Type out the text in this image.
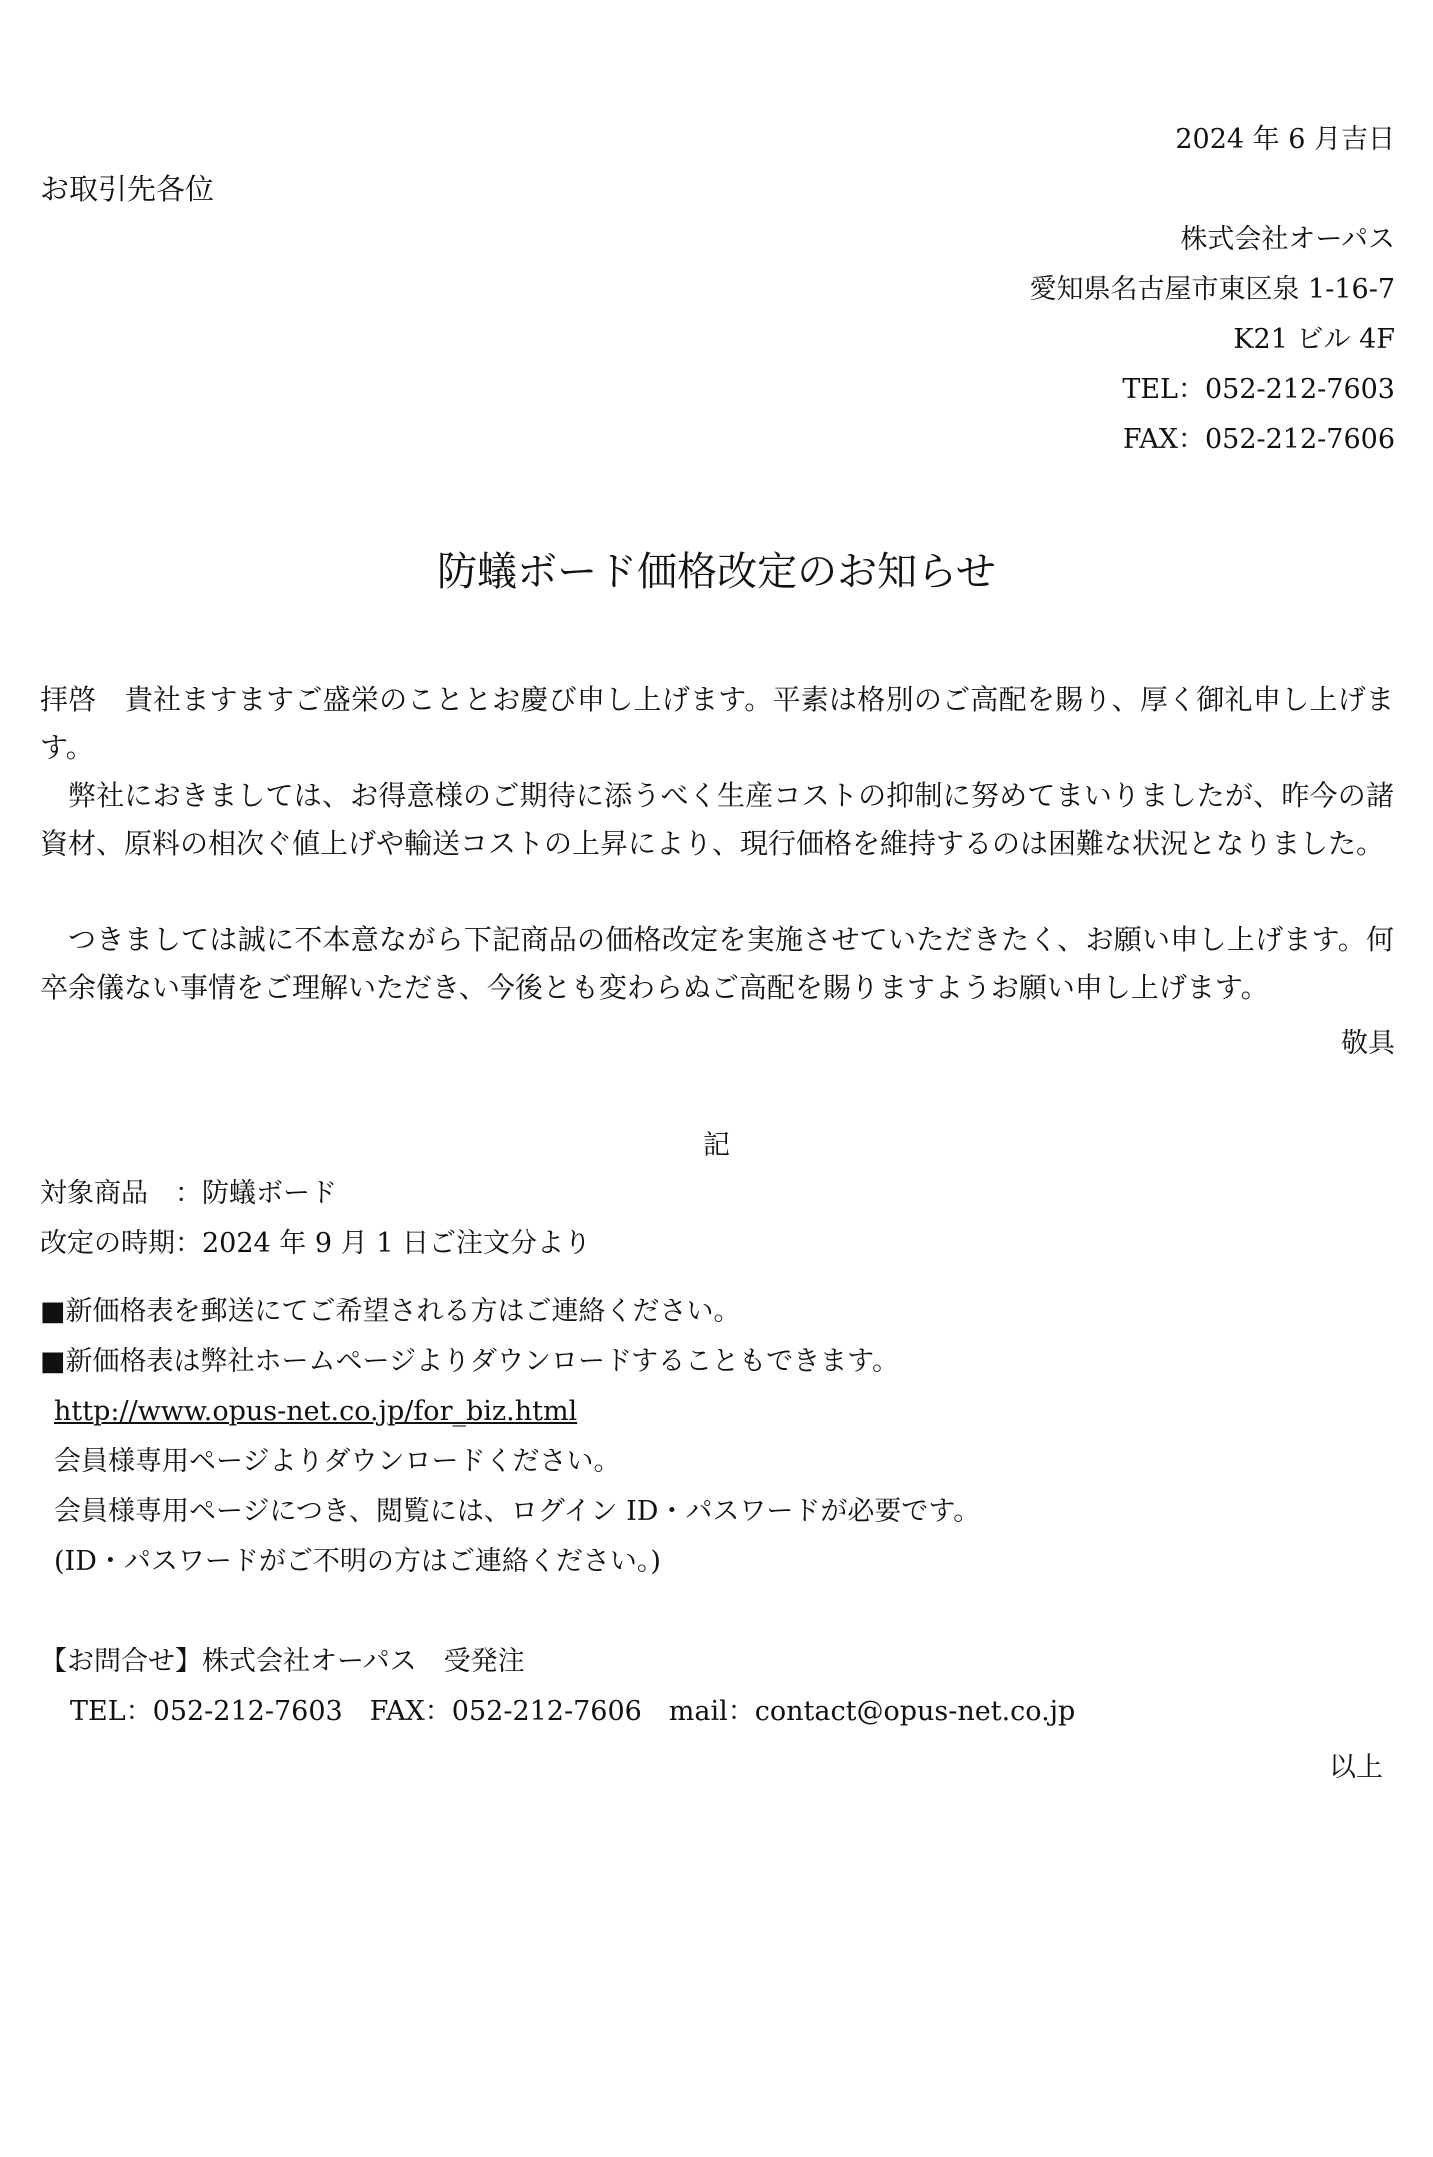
2024 年 6 月吉日
お取引先各位
株式会社オーパス
愛知県名古屋市東区泉 1-16-7
K21 ビル 4F
TEL：052-212-7603
FAX：052-212-7606
防蟻ボード価格改定のお知らせ
拝啓　貴社ますますご盛栄のこととお慶び申し上げます。平素は格別のご高配を賜り、厚く御礼申し上げます。
弊社におきましては、お得意様のご期待に添うべく生産コストの抑制に努めてまいりましたが、昨今の諸資材、原料の相次ぐ値上げや輸送コストの上昇により、現行価格を維持するのは困難な状況となりました。
つきましては誠に不本意ながら下記商品の価格改定を実施させていただきたく、お願い申し上げます。何卒余儀ない事情をご理解いただき、今後とも変わらぬご高配を賜りますようお願い申し上げます。
敬具
記
対象商品　：防蟻ボード
改定の時期：2024 年 9 月 1 日ご注文分より
■新価格表を郵送にてご希望される方はご連絡ください。
■新価格表は弊社ホームページよりダウンロードすることもできます。
http://www.opus-net.co.jp/for_biz.html
会員様専用ページよりダウンロードください。
会員様専用ページにつき、閲覧には、ログイン ID・パスワードが必要です。
(ID・パスワードがご不明の方はご連絡ください。)
【お問合せ】株式会社オーパス　受発注
TEL：052-212-7603　FAX：052-212-7606　mail：contact@opus-net.co.jp
以上
